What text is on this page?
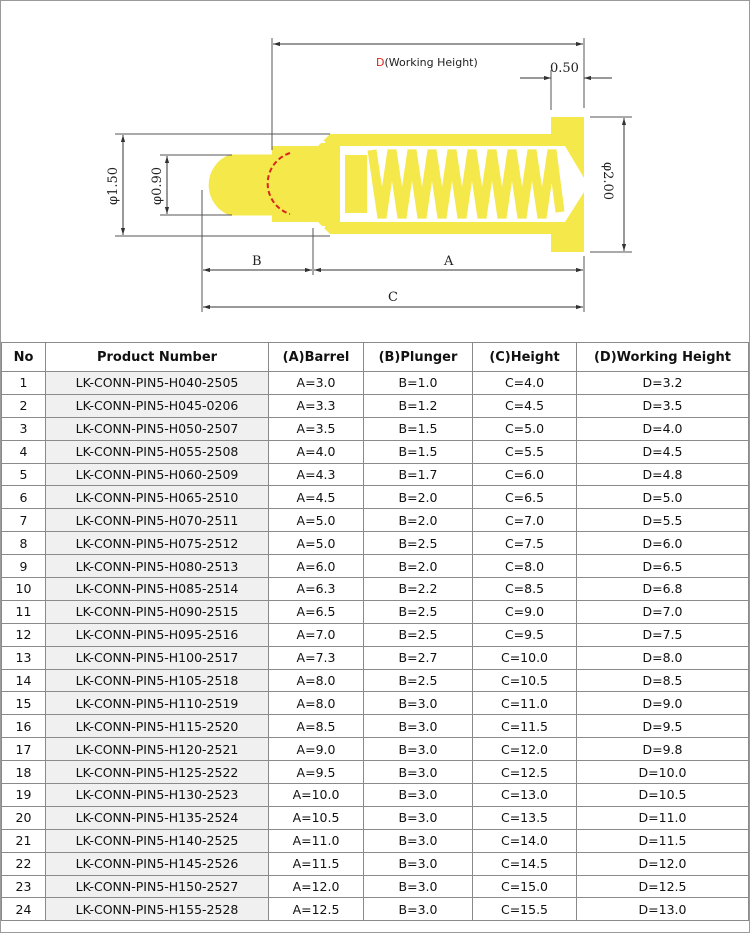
D(Working Height)	0.50
φ1.50 φ0.90	φ2.00
B	A
C
No	Product Number	(A)Barrel	(B)Plunger	(C)Height	(D)Working Height
1	LK-CONN-PIN5-H040-2505	A=3.0	B=1.0	C=4.0	D=3.2
2	LK-CONN-PIN5-H045-0206	A=3.3	B=1.2	C=4.5	D=3.5
3	LK-CONN-PIN5-H050-2507	A=3.5	B=1.5	C=5.0	D=4.0
4	LK-CONN-PIN5-H055-2508	A=4.0	B=1.5	C=5.5	D=4.5
5	LK-CONN-PIN5-H060-2509	A=4.3	B=1.7	C=6.0	D=4.8
6	LK-CONN-PIN5-H065-2510	A=4.5	B=2.0	C=6.5	D=5.0
7	LK-CONN-PIN5-H070-2511	A=5.0	B=2.0	C=7.0	D=5.5
8	LK-CONN-PIN5-H075-2512	A=5.0	B=2.5	C=7.5	D=6.0
9	LK-CONN-PIN5-H080-2513	A=6.0	B=2.0	C=8.0	D=6.5
10	LK-CONN-PIN5-H085-2514	A=6.3	B=2.2	C=8.5	D=6.8
11	LK-CONN-PIN5-H090-2515	A=6.5	B=2.5	C=9.0	D=7.0
12	LK-CONN-PIN5-H095-2516	A=7.0	B=2.5	C=9.5	D=7.5
13	LK-CONN-PIN5-H100-2517	A=7.3	B=2.7	C=10.0	D=8.0
14	LK-CONN-PIN5-H105-2518	A=8.0	B=2.5	C=10.5	D=8.5
15	LK-CONN-PIN5-H110-2519	A=8.0	B=3.0	C=11.0	D=9.0
16	LK-CONN-PIN5-H115-2520	A=8.5	B=3.0	C=11.5	D=9.5
17	LK-CONN-PIN5-H120-2521	A=9.0	B=3.0	C=12.0	D=9.8
18	LK-CONN-PIN5-H125-2522	A=9.5	B=3.0	C=12.5	D=10.0
19	LK-CONN-PIN5-H130-2523	A=10.0	B=3.0	C=13.0	D=10.5
20	LK-CONN-PIN5-H135-2524	A=10.5	B=3.0	C=13.5	D=11.0
21	LK-CONN-PIN5-H140-2525	A=11.0	B=3.0	C=14.0	D=11.5
22	LK-CONN-PIN5-H145-2526	A=11.5	B=3.0	C=14.5	D=12.0
23	LK-CONN-PIN5-H150-2527	A=12.0	B=3.0	C=15.0	D=12.5
24	LK-CONN-PIN5-H155-2528	A=12.5	B=3.0	C=15.5	D=13.0
